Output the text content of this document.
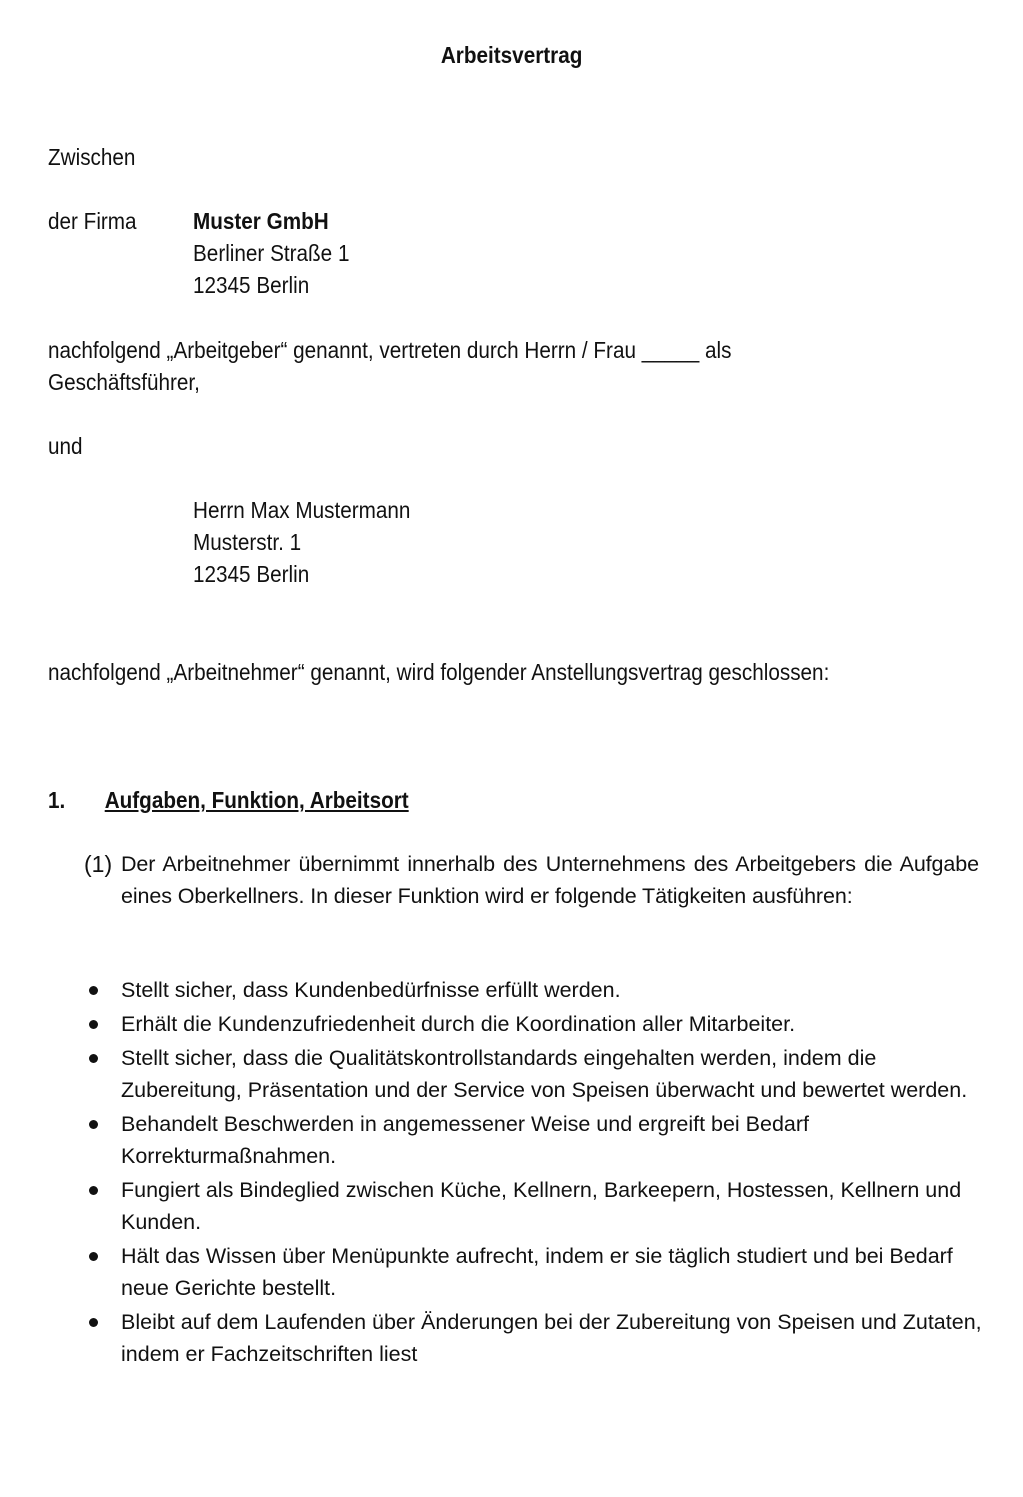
Arbeitsvertrag
Zwischen
der Firma Muster GmbH
Berliner Straße 1
12345 Berlin
nachfolgend „Arbeitgeber“ genannt, vertreten durch Herrn / Frau _____ als
Geschäftsführer,
und
Herrn Max Mustermann
Musterstr. 1
12345 Berlin
nachfolgend „Arbeitnehmer“ genannt, wird folgender Anstellungsvertrag geschlossen:
1. Aufgaben, Funktion, Arbeitsort
(1) Der Arbeitnehmer übernimmt innerhalb des Unternehmens des Arbeitgebers die Aufgabe eines Oberkellners. In dieser Funktion wird er folgende Tätigkeiten ausführen:
Stellt sicher, dass Kundenbedürfnisse erfüllt werden.
Erhält die Kundenzufriedenheit durch die Koordination aller Mitarbeiter.
Stellt sicher, dass die Qualitätskontrollstandards eingehalten werden, indem die Zubereitung, Präsentation und der Service von Speisen überwacht und bewertet werden.
Behandelt Beschwerden in angemessener Weise und ergreift bei Bedarf Korrekturmaßnahmen.
Fungiert als Bindeglied zwischen Küche, Kellnern, Barkeepern, Hostessen, Kellnern und Kunden.
Hält das Wissen über Menüpunkte aufrecht, indem er sie täglich studiert und bei Bedarf neue Gerichte bestellt.
Bleibt auf dem Laufenden über Änderungen bei der Zubereitung von Speisen und Zutaten, indem er Fachzeitschriften liest
